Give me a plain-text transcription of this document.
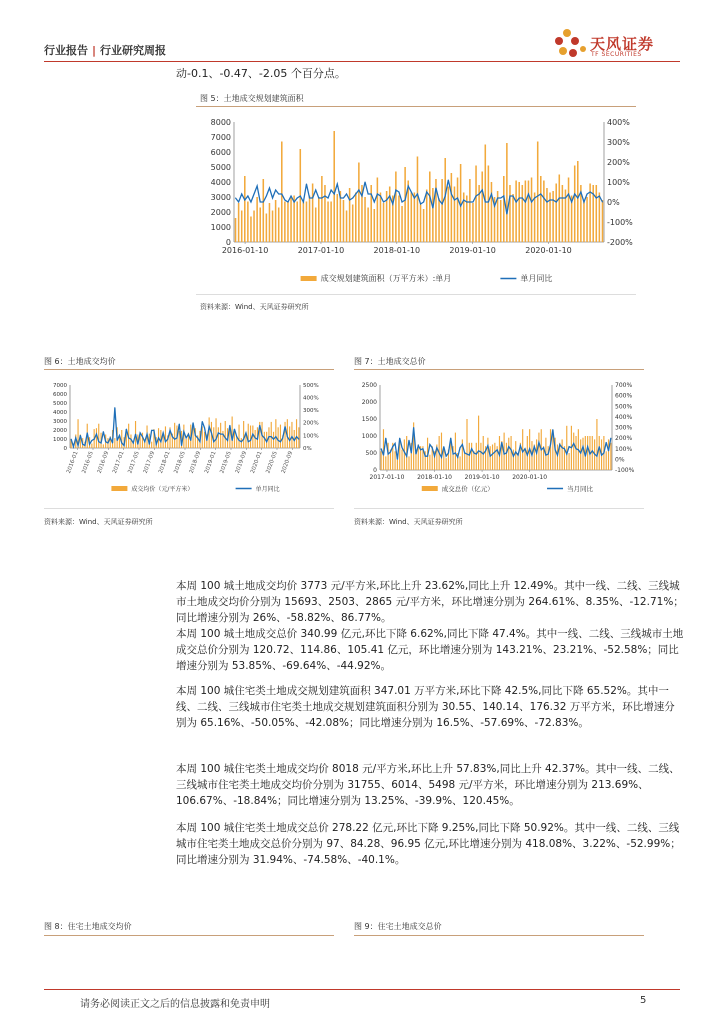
行业报告 | 行业研究周报	天风证券
TF SECURITIES
动-0.1、-0.47、-2.05 个百分点。
图 5：土地成交规划建筑面积
0
1000
2000
3000
4000
5000
6000
7000
8000
-200%
-100%
0%
100%
200%
300%
400%
2016-01-10	2017-01-10	2018-01-10	2019-01-10	2020-01-10
成交规划建筑面积（万平方米）:单月	单月同比
资料来源：Wind、天风证券研究所
图 6：土地成交均价
0
1000
2000
3000
4000
5000
6000
7000
0%
100%
200%
300%
400%
500%
2016-01 2016-05 2016-09 2017-01 2017-05 2017-09 2018-01 2018-05 2018-09 2019-01 2019-05 2019-09 2020-01 2020-05 2020-09
成交均价（元/平方米）	单月同比
资料来源：Wind、天风证券研究所
图 7：土地成交总价
0
500
1000
1500
2000
2500
-100%
0%
100%
200%
300%
400%
500%
600%
700%
2017-01-10 2018-01-10 2019-01-10 2020-01-10
成交总价（亿元）	当月同比
资料来源：Wind、天风证券研究所

本周 100 城土地成交均价 3773 元/平方米,环比上升 23.62%,同比上升 12.49%。其中一线、二线、三线城市土地成交均价分别为 15693、2503、2865 元/平方米，环比增速分别为 264.61%、8.35%、-12.71%；同比增速分别为 26%、-58.82%、86.77%。

本周 100 城土地成交总价 340.99 亿元,环比下降 6.62%,同比下降 47.4%。其中一线、二线、三线城市土地成交总价分别为 120.72、114.86、105.41 亿元，环比增速分别为 143.21%、23.21%、-52.58%；同比增速分别为 53.85%、-69.64%、-44.92%。

本周 100 城住宅类土地成交规划建筑面积 347.01 万平方米,环比下降 42.5%,同比下降 65.52%。其中一线、二线、三线城市住宅类土地成交规划建筑面积分别为 30.55、140.14、176.32 万平方米，环比增速分别为 65.16%、-50.05%、-42.08%；同比增速分别为 16.5%、-57.69%、-72.83%。

本周 100 城住宅类土地成交均价 8018 元/平方米,环比上升 57.83%,同比上升 42.37%。其中一线、二线、三线城市住宅类土地成交均价分别为 31755、6014、5498 元/平方米，环比增速分别为 213.69%、106.67%、-18.84%；同比增速分别为 13.25%、-39.9%、120.45%。

本周 100 城住宅类土地成交总价 278.22 亿元,环比下降 9.25%,同比下降 50.92%。其中一线、二线、三线城市住宅类土地成交总价分别为 97、84.28、96.95 亿元,环比增速分别为 418.08%、3.22%、-52.99%；同比增速分别为 31.94%、-74.58%、-40.1%。

图 8：住宅土地成交均价	图 9：住宅土地成交总价
请务必阅读正文之后的信息披露和免责申明	5
